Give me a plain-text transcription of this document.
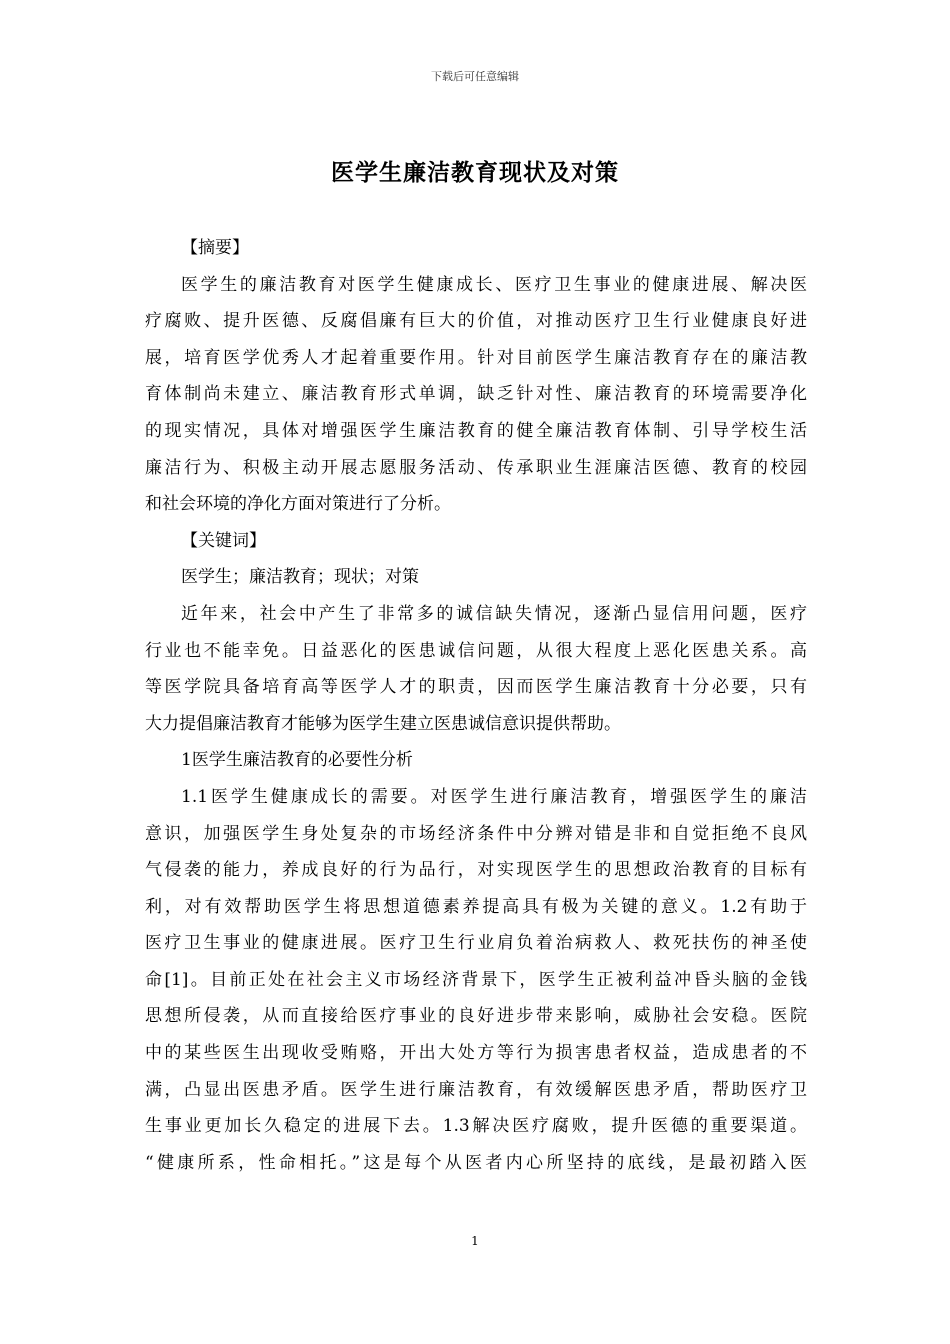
下载后可任意编辑
医学生廉洁教育现状及对策
【摘要】
医学生的廉洁教育对医学生健康成长、医疗卫生事业的健康进展、解决医
疗腐败、提升医德、反腐倡廉有巨大的价值，对推动医疗卫生行业健康良好进
展，培育医学优秀人才起着重要作用。针对目前医学生廉洁教育存在的廉洁教
育体制尚未建立、廉洁教育形式单调，缺乏针对性、廉洁教育的环境需要净化
的现实情况，具体对增强医学生廉洁教育的健全廉洁教育体制、引导学校生活
廉洁行为、积极主动开展志愿服务活动、传承职业生涯廉洁医德、教育的校园
和社会环境的净化方面对策进行了分析。
【关键词】
医学生；廉洁教育；现状；对策
近年来，社会中产生了非常多的诚信缺失情况，逐渐凸显信用问题，医疗
行业也不能幸免。日益恶化的医患诚信问题，从很大程度上恶化医患关系。高
等医学院具备培育高等医学人才的职责，因而医学生廉洁教育十分必要，只有
大力提倡廉洁教育才能够为医学生建立医患诚信意识提供帮助。
1医学生廉洁教育的必要性分析
1.1医学生健康成长的需要。对医学生进行廉洁教育，增强医学生的廉洁
意识，加强医学生身处复杂的市场经济条件中分辨对错是非和自觉拒绝不良风
气侵袭的能力，养成良好的行为品行，对实现医学生的思想政治教育的目标有
利，对有效帮助医学生将思想道德素养提高具有极为关键的意义。1.2有助于
医疗卫生事业的健康进展。医疗卫生行业肩负着治病救人、救死扶伤的神圣使
命[1]。目前正处在社会主义市场经济背景下，医学生正被利益冲昏头脑的金钱
思想所侵袭，从而直接给医疗事业的良好进步带来影响，威胁社会安稳。医院
中的某些医生出现收受贿赂，开出大处方等行为损害患者权益，造成患者的不
满，凸显出医患矛盾。医学生进行廉洁教育，有效缓解医患矛盾，帮助医疗卫
生事业更加长久稳定的进展下去。1.3解决医疗腐败，提升医德的重要渠道。
“健康所系，性命相托。”这是每个从医者内心所坚持的底线，是最初踏入医
1
